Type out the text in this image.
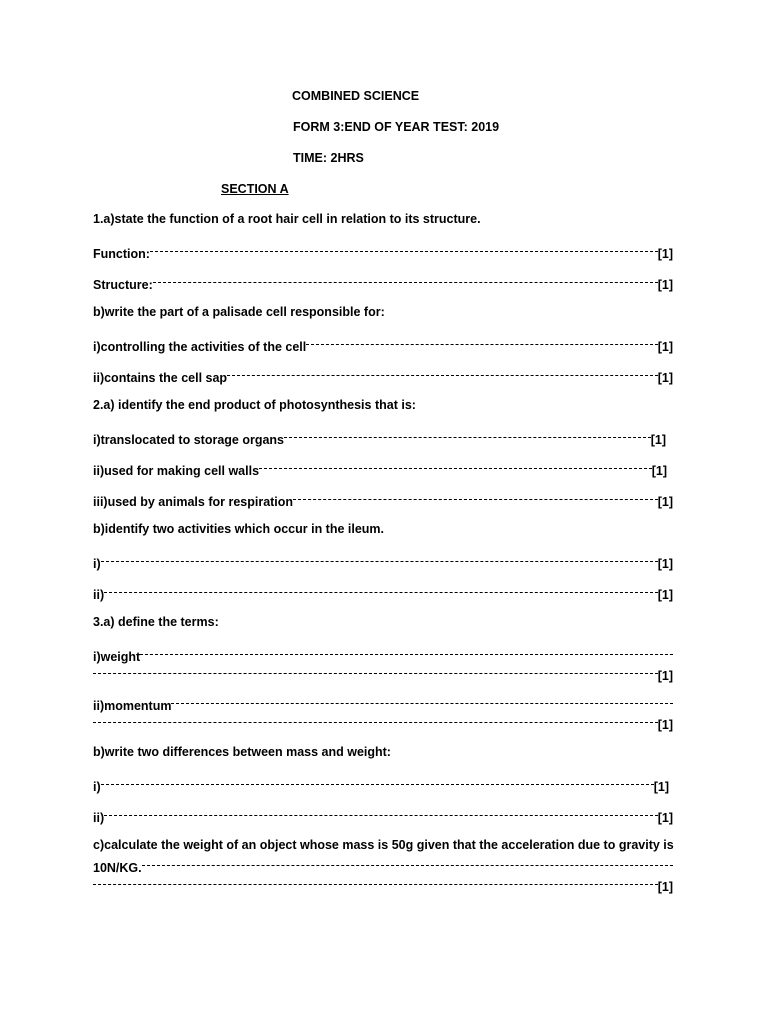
COMBINED SCIENCE
FORM 3:END OF YEAR TEST: 2019
TIME: 2HRS
SECTION A
1.a)state the function of a root hair cell in relation to its structure.
Function:	[1]
Structure:	[1]
b)write the part of a palisade cell responsible for:
i)controlling the activities of the cell	[1]
ii)contains the cell sap	[1]
2.a) identify the end product of photosynthesis that is:
i)translocated to storage organs	[1]
ii)used for making cell walls	[1]
iii)used by animals for respiration	[1]
b)identify two activities which occur in the ileum.
i)	[1]
ii)	[1]
3.a) define the terms:
i)weight
[1]
ii)momentum
[1]
b)write two differences between mass and weight:
i)	[1]
ii)	[1]
c)calculate the weight of an object whose mass is 50g given that the acceleration due to gravity is
10N/KG.
[1]
